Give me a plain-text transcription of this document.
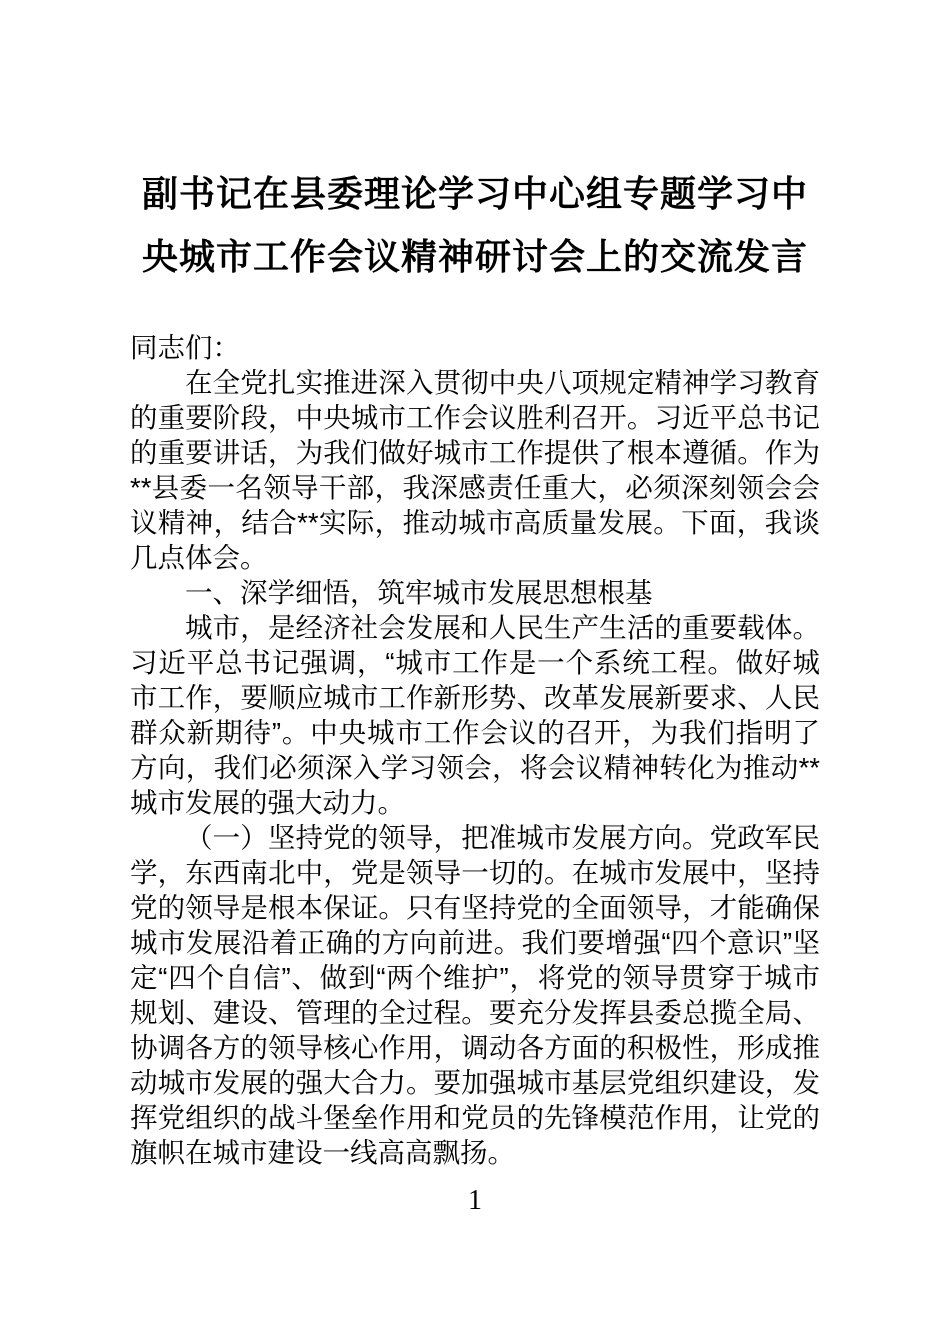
副书记在县委理论学习中心组专题学习中
央城市工作会议精神研讨会上的交流发言

同志们：

在全党扎实推进深入贯彻中央八项规定精神学习教育的重要阶段，中央城市工作会议胜利召开。习近平总书记的重要讲话，为我们做好城市工作提供了根本遵循。作为**县委一名领导干部，我深感责任重大，必须深刻领会会议精神，结合**实际，推动城市高质量发展。下面，我谈几点体会。

一、深学细悟，筑牢城市发展思想根基

城市，是经济社会发展和人民生产生活的重要载体。习近平总书记强调，“城市工作是一个系统工程。做好城市工作，要顺应城市工作新形势、改革发展新要求、人民群众新期待”。中央城市工作会议的召开，为我们指明了方向，我们必须深入学习领会，将会议精神转化为推动**城市发展的强大动力。

（一）坚持党的领导，把准城市发展方向。党政军民学，东西南北中，党是领导一切的。在城市发展中，坚持党的领导是根本保证。只有坚持党的全面领导，才能确保城市发展沿着正确的方向前进。我们要增强“四个意识”坚定“四个自信”、做到“两个维护”，将党的领导贯穿于城市规划、建设、管理的全过程。要充分发挥县委总揽全局、协调各方的领导核心作用，调动各方面的积极性，形成推动城市发展的强大合力。要加强城市基层党组织建设，发挥党组织的战斗堡垒作用和党员的先锋模范作用，让党的旗帜在城市建设一线高高飘扬。

1
